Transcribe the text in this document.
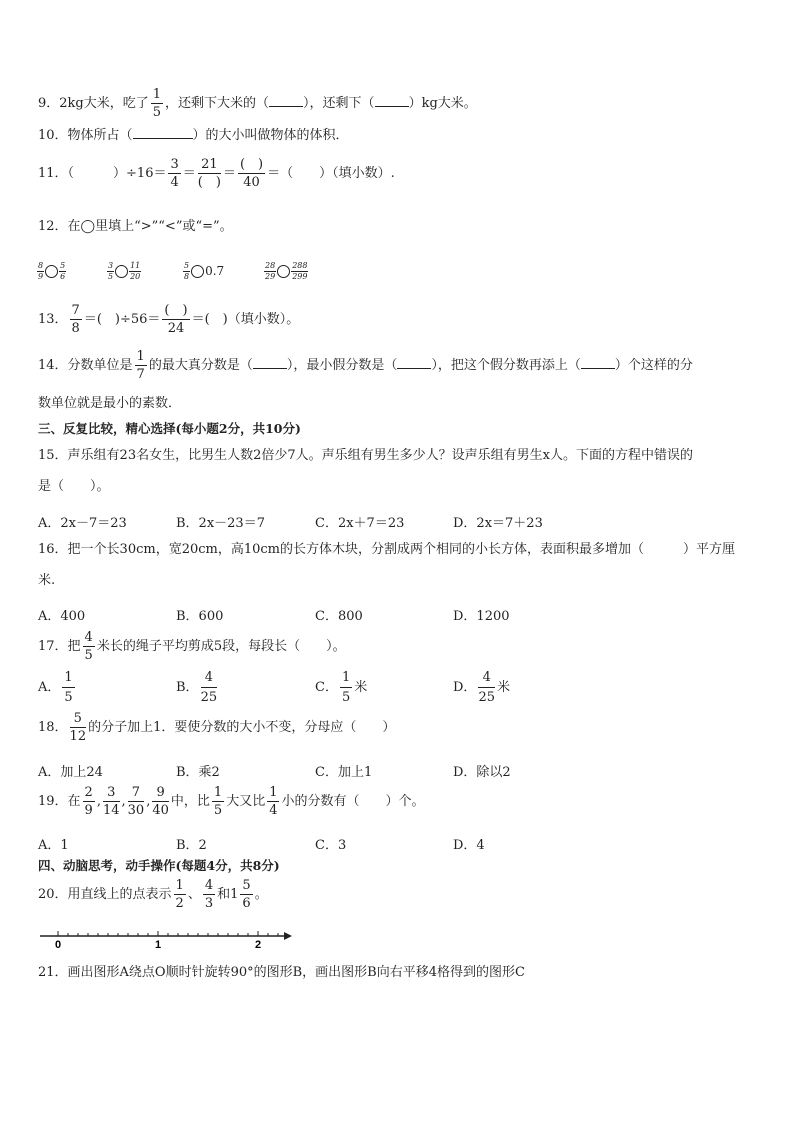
9．2kg大米，吃了 $\frac{1}{5}$ ，还剩下大米的（	），还剩下（	）kg大米。
10．物体所占（	）的大小叫做物体的体积．
11．（　　　）$\div 16= \frac{3}{4} = \frac{21}{( )} = \frac{( )}{40}$ ＝（　　）（填小数）.
12．在◯里填上“>”“<”或“=”。
$\frac{8}{9} \frac{5}{6}$	$\frac{3}{5} \frac{11}{20}$	$\frac{5}{8} 0.7$	$\frac{28}{29} \frac{288}{299}$
13． $\frac{7}{8}$ ＝(　)$\div 56= \frac{( )}{24}$ ＝(　)（填小数）。
14．分数单位是 $\frac{1}{7}$ 的最大真分数是（	），最小假分数是（	），把这个假分数再添上（	）个这样的分
数单位就是最小的素数．
三、反复比较，精心选择(每小题2分，共10分)
15．声乐组有23名女生，比男生人数2倍少7人。声乐组有男生多少人？设声乐组有男生x人。下面的方程中错误的
是（　　）。
A．2x－7＝23	B．2x－23＝7	C．2x＋7＝23	D．2x＝7＋23
16．把一个长30cm，宽20cm，高10cm的长方体木块，分割成两个相同的小长方体，表面积最多增加（　　　）平方厘
米.
A．400	B．600	C．800	D．1200
17．把 $\frac{4}{5}$ 米长的绳子平均剪成5段，每段长（　　）。
A． $\frac{1}{5}$	B． $\frac{4}{25}$	C． $\frac{1}{5}$ 米	D． $\frac{4}{25}$ 米
18． $\frac{5}{12}$ 的分子加上1．要使分数的大小不变，分母应（　　）
A．加上24	B．乘2	C．加上1	D．除以2
19．在 $\frac{2}{9}$ , $\frac{3}{14}$ , $\frac{7}{30}$ , $\frac{9}{40}$ 中，比 $\frac{1}{5}$ 大又比 $\frac{1}{4}$ 小的分数有（　　）个。
A．1	B．2	C．3	D．4
四、动脑思考，动手操作(每题4分，共8分)
20．用直线上的点表示 $\frac{1}{2}$ 、 $\frac{4}{3}$ 和$1 \frac{5}{6}$ 。
0	1	2
21．画出图形A绕点O顺时针旋转90°的图形B，画出图形B向右平移4格得到的图形C
